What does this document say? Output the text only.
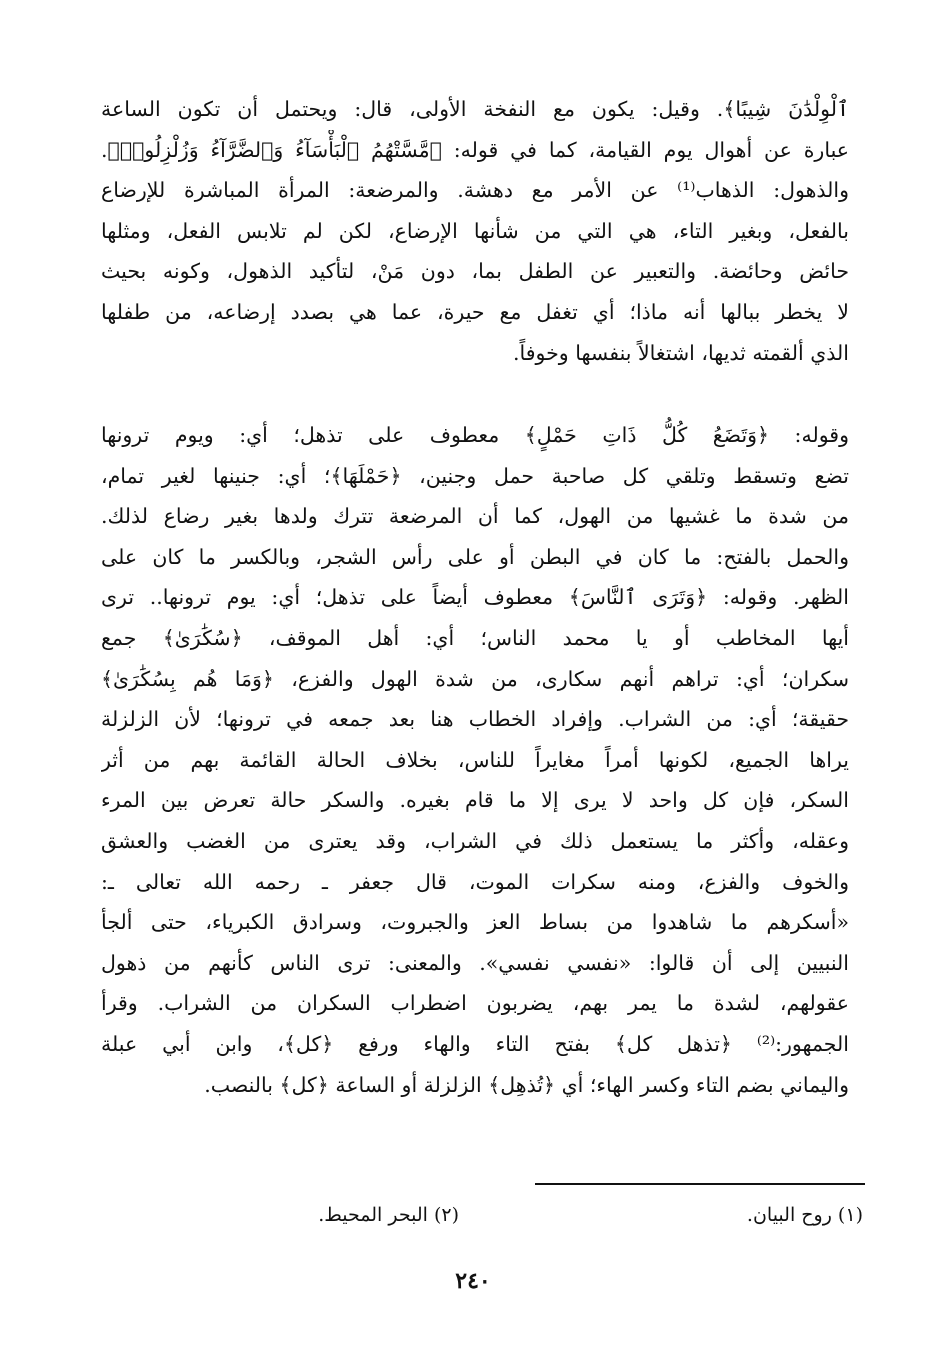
ٱلْوِلْدَٰنَ شِيبًا﴾. وقيل: يكون مع النفخة الأولى، قال: ويحتمل أن تكون الساعة
عبارة عن أهوال يوم القيامة، كما في قوله: ﴿مَّسَّتْهُمُ ٱلْبَأْسَآءُ وَٱلضَّرَّآءُ وَزُلْزِلُوا۟﴾.
والذهول: الذهاب⁽¹⁾ عن الأمر مع دهشة. والمرضعة: المرأة المباشرة للإرضاع
بالفعل، وبغير التاء، هي التي من شأنها الإرضاع، لكن لم تلابس الفعل، ومثلها
حائض وحائضة. والتعبير عن الطفل بما، دون مَنْ، لتأكيد الذهول، وكونه بحيث
لا يخطر ببالها أنه ماذا؛ أي تغفل مع حيرة، عما هي بصدد إرضاعه، من طفلها
الذي ألقمته ثديها، اشتغالاً بنفسها وخوفاً.
وقوله: ﴿وَتَضَعُ كُلُّ ذَاتِ حَمْلٍ﴾ معطوف على تذهل؛ أي: ويوم ترونها
تضع وتسقط وتلقي كل صاحبة حمل وجنين، ﴿حَمْلَهَا﴾؛ أي: جنينها لغير تمام،
من شدة ما غشيها من الهول، كما أن المرضعة تترك ولدها بغير رضاع لذلك.
والحمل بالفتح: ما كان في البطن أو على رأس الشجر، وبالكسر ما كان على
الظهر. وقوله: ﴿وَتَرَى ٱلنَّاسَ﴾ معطوف أيضاً على تذهل؛ أي: يوم ترونها.. ترى
أيها المخاطب أو يا محمد الناس؛ أي: أهل الموقف، ﴿سُكَٰرَىٰ﴾ جمع
سكران؛ أي: تراهم أنهم سكارى، من شدة الهول والفزع، ﴿وَمَا هُم بِسُكَٰرَىٰ﴾
حقيقة؛ أي: من الشراب. وإفراد الخطاب هنا بعد جمعه في ترونها؛ لأن الزلزلة
يراها الجميع، لكونها أمراً مغايراً للناس، بخلاف الحالة القائمة بهم من أثر
السكر، فإن كل واحد لا يرى إلا ما قام بغيره. والسكر حالة تعرض بين المرء
وعقله، وأكثر ما يستعمل ذلك في الشراب، وقد يعترى من الغضب والعشق
والخوف والفزع، ومنه سكرات الموت، قال جعفر ـ رحمه الله تعالى ـ:
«أسكرهم ما شاهدوا من بساط العز والجبروت، وسرادق الكبرياء، حتى ألجأ
النبيين إلى أن قالوا: «نفسي نفسي». والمعنى: ترى الناس كأنهم من ذهول
عقولهم، لشدة ما يمر بهم، يضربون اضطراب السكران من الشراب. وقرأ
الجمهور:⁽²⁾ ﴿تذهل كل﴾ بفتح التاء والهاء ورفع ﴿كل﴾، وابن أبي عبلة
واليماني بضم التاء وكسر الهاء؛ أي ﴿تُذهِل﴾ الزلزلة أو الساعة ﴿كل﴾ بالنصب.
(١) روح البيان.
(٢) البحر المحيط.
٢٤٠
